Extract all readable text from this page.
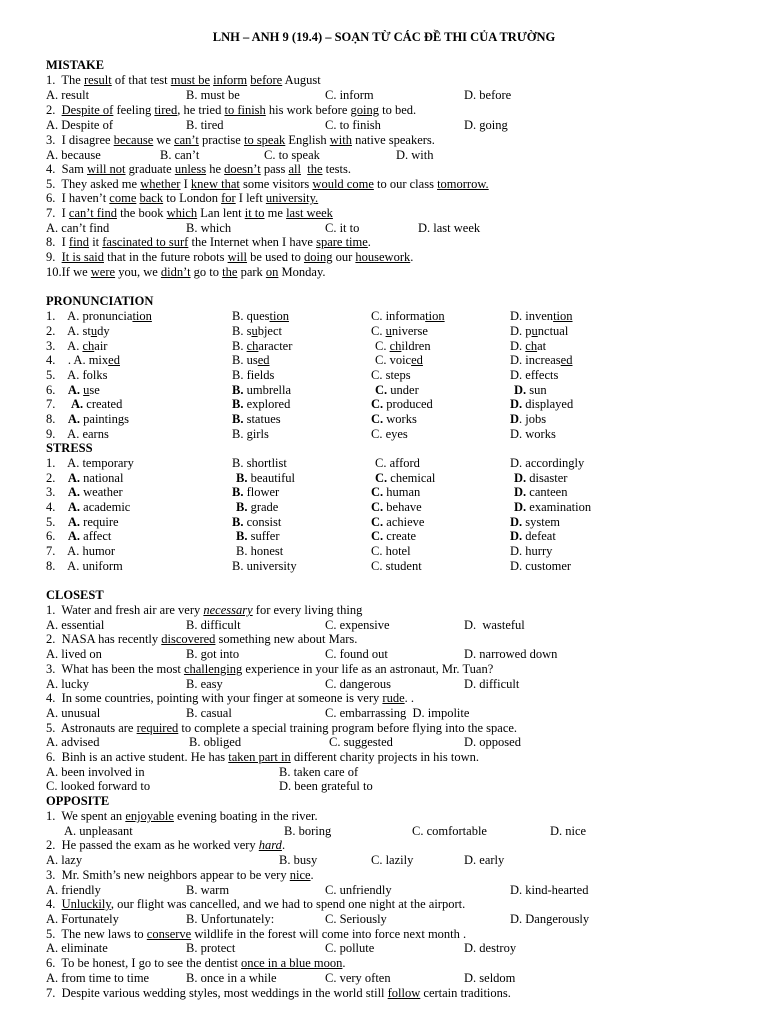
LNH – ANH 9 (19.4) – SOẠN TỪ CÁC ĐỀ THI CỦA TRƯỜNG
MISTAKE
1.  The result of that test must be inform before August
A. result	B. must be	C. inform	D. before
2.  Despite of feeling tired, he tried to finish his work before going to bed.
A. Despite of	B. tired	C. to finish	D. going
3.  I disagree because we can’t practise to speak English with native speakers.
A. because	B. can’t	C. to speak	D. with
4.  Sam will not graduate unless he doesn’t pass all the tests.
5.  They asked me whether I knew that some visitors would come to our class tomorrow.
6.  I haven’t come back to London for I left university.
7.  I can’t find the book which Lan lent it to me last week
A. can’t find	B. which	C. it to	D. last week
8.  I find it fascinated to surf the Internet when I have spare time.
9.  It is said that in the future robots will be used to doing our housework.
10.If we were you, we didn’t go to the park on Monday.
PRONUNCIATION
1.    A. pronunciation	B. question	C. information	D. invention
2.    A. study	B. subject	C. universe	D. punctual
3.    A. chair	B. character	C. children	D. chat
4.    . A. mixed	B. used	C. voiced	D. increased
5.    A. folks	B. fields	C. steps	D. effects
6.    A. use	B. umbrella	C. under	D. sun
7.     A. created	B. explored	C. produced	D. displayed
8.    A. paintings	B. statues	C. works	D. jobs
9.    A. earns	B. girls	C. eyes	D. works
STRESS
1.    A. temporary	B. shortlist	C. afford	D. accordingly
2.    A. national	B. beautiful	C. chemical	D. disaster
3.    A. weather	B. flower	C. human	D. canteen
4.    A. academic	B. grade	C. behave	D. examination
5.    A. require	B. consist	C. achieve	D. system
6.    A. affect	B. suffer	C. create	D. defeat
7.    A. humor	B. honest	C. hotel	D. hurry
8.    A. uniform	B. university	C. student	D. customer
CLOSEST
1.  Water and fresh air are very necessary for every living thing
A. essential	B. difficult	C. expensive	D.  wasteful
2.  NASA has recently discovered something new about Mars.
A. lived on	B. got into	C. found out	D. narrowed down
3.  What has been the most challenging experience in your life as an astronaut, Mr. Tuan?
A. lucky	B. easy	C. dangerous	D. difficult
4.  In some countries, pointing with your finger at someone is very rude. .
A. unusual	B. casual	C. embarrassing  D. impolite
5.  Astronauts are required to complete a special training program before flying into the space.
A. advised	B. obliged	C. suggested	D. opposed
6.  Binh is an active student. He has taken part in different charity projects in his town.
A. been involved in	B. taken care of
C. looked forward to	D. been grateful to
OPPOSITE
1.  We spent an enjoyable evening boating in the river.
A. unpleasant	B. boring	C. comfortable	D. nice
2.  He passed the exam as he worked very hard.
A. lazy	B. busy	C. lazily	D. early
3.  Mr. Smith’s new neighbors appear to be very nice.
A. friendly	B. warm	C. unfriendly	D. kind-hearted
4.  Unluckily, our flight was cancelled, and we had to spend one night at the airport.
A. Fortunately	B. Unfortunately:	C. Seriously	D. Dangerously
5.  The new laws to conserve wildlife in the forest will come into force next month .
A. eliminate	B. protect	C. pollute	D. destroy
6.  To be honest, I go to see the dentist once in a blue moon.
A. from time to time	B. once in a while	C. very often	D. seldom
7.  Despite various wedding styles, most weddings in the world still follow certain traditions.
